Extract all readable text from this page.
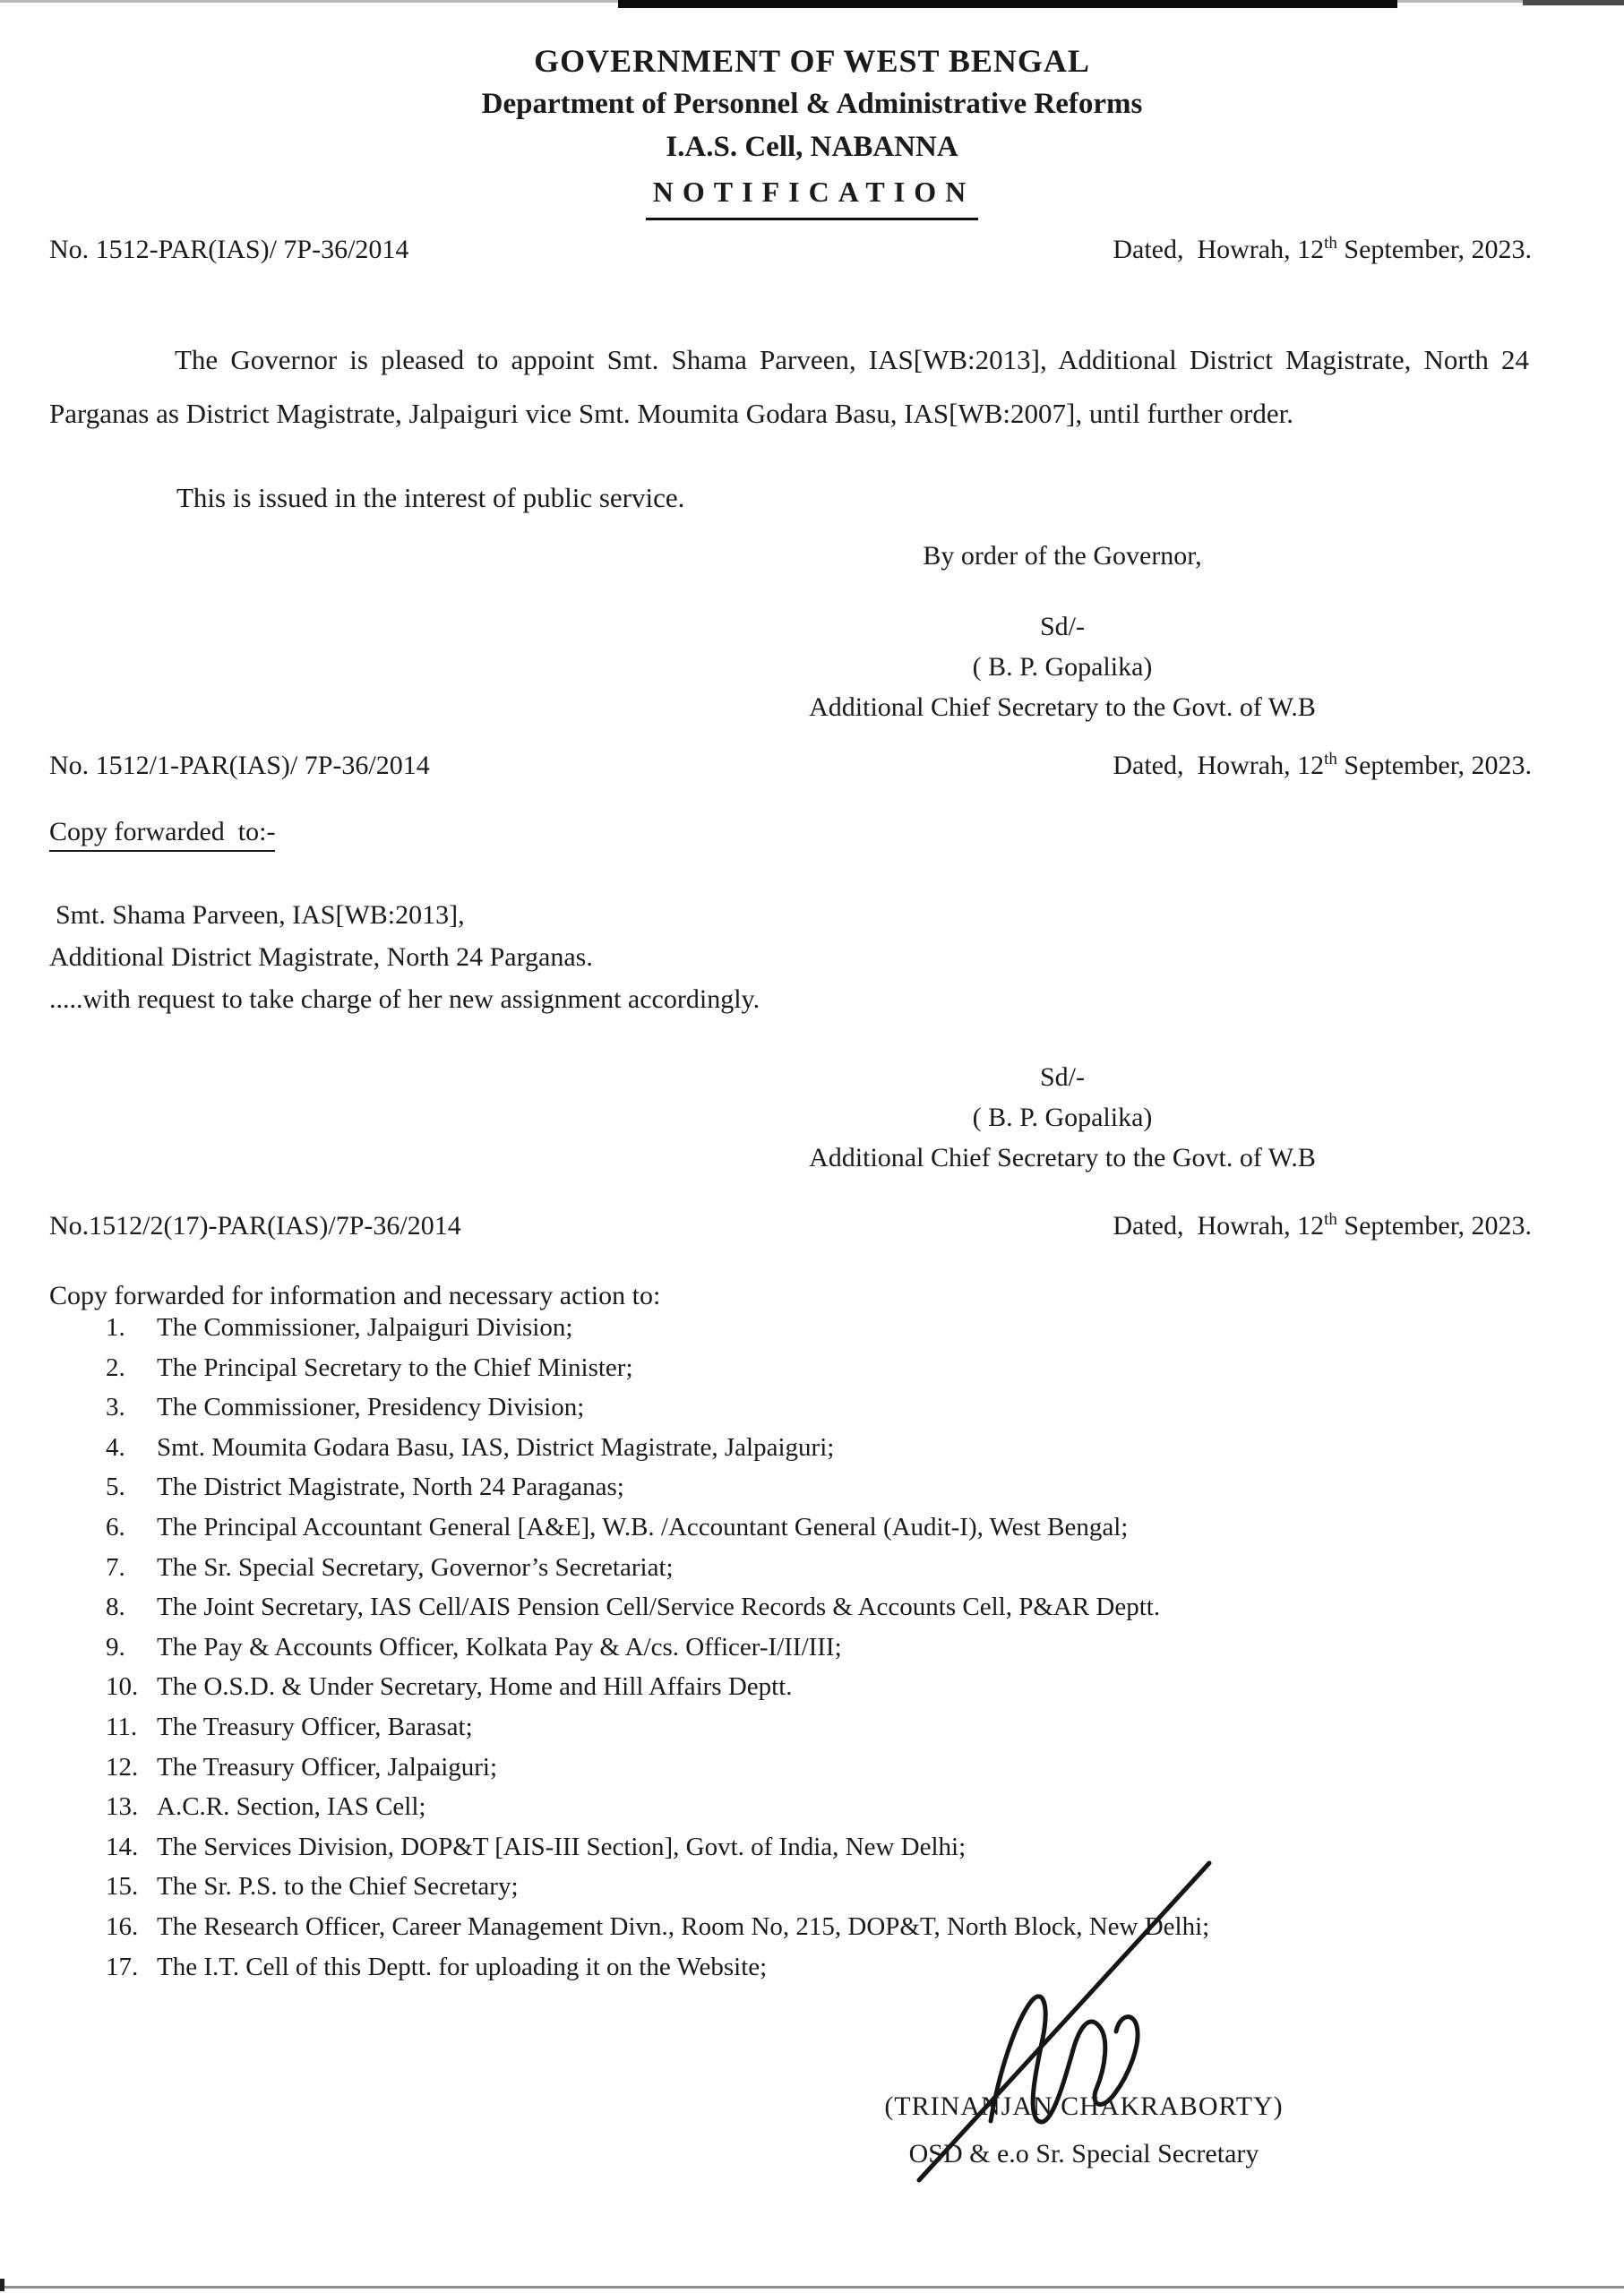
GOVERNMENT OF WEST BENGAL
Department of Personnel & Administrative Reforms
I.A.S. Cell, NABANNA
NOTIFICATION
No. 1512-PAR(IAS)/ 7P-36/2014	Dated,  Howrah, 12th September, 2023.
The Governor is pleased to appoint Smt. Shama Parveen, IAS[WB:2013], Additional District Magistrate, North 24 Parganas as District Magistrate, Jalpaiguri vice Smt. Moumita Godara Basu, IAS[WB:2007], until further order.
This is issued in the interest of public service.
By order of the Governor,
Sd/-
( B. P. Gopalika)
Additional Chief Secretary to the Govt. of W.B
No. 1512/1-PAR(IAS)/ 7P-36/2014	Dated,  Howrah, 12th September, 2023.
Copy forwarded  to:-
Smt. Shama Parveen, IAS[WB:2013],
Additional District Magistrate, North 24 Parganas.
.....with request to take charge of her new assignment accordingly.
Sd/-
( B. P. Gopalika)
Additional Chief Secretary to the Govt. of W.B
No.1512/2(17)-PAR(IAS)/7P-36/2014	Dated,  Howrah, 12th September, 2023.
Copy forwarded for information and necessary action to:
1. The Commissioner, Jalpaiguri Division;
2. The Principal Secretary to the Chief Minister;
3. The Commissioner, Presidency Division;
4. Smt. Moumita Godara Basu, IAS, District Magistrate, Jalpaiguri;
5. The District Magistrate, North 24 Paraganas;
6. The Principal Accountant General [A&E], W.B. /Accountant General (Audit-I), West Bengal;
7. The Sr. Special Secretary, Governor’s Secretariat;
8. The Joint Secretary, IAS Cell/AIS Pension Cell/Service Records & Accounts Cell, P&AR Deptt.
9. The Pay & Accounts Officer, Kolkata Pay & A/cs. Officer-I/II/III;
10. The O.S.D. & Under Secretary, Home and Hill Affairs Deptt.
11. The Treasury Officer, Barasat;
12. The Treasury Officer, Jalpaiguri;
13. A.C.R. Section, IAS Cell;
14. The Services Division, DOP&T [AIS-III Section], Govt. of India, New Delhi;
15. The Sr. P.S. to the Chief Secretary;
16. The Research Officer, Career Management Divn., Room No, 215, DOP&T, North Block, New Delhi;
17. The I.T. Cell of this Deptt. for uploading it on the Website;
(TRINANJAN CHAKRABORTY)
OSD & e.o Sr. Special Secretary
